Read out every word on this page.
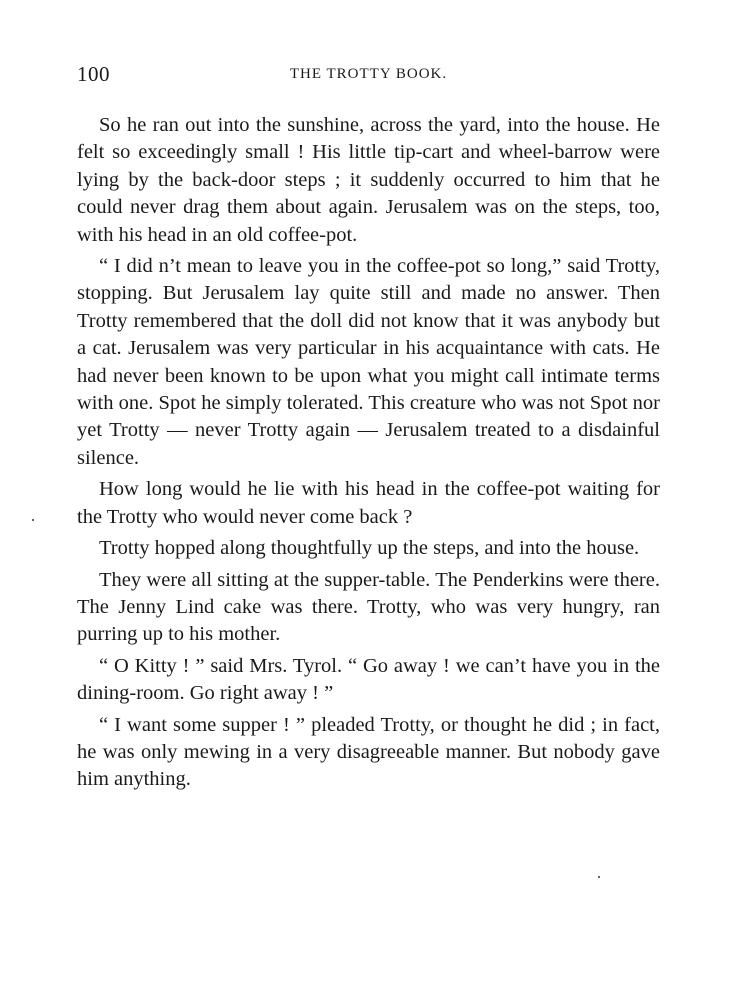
100	THE TROTTY BOOK.

So he ran out into the sunshine, across the yard, into the house. He felt so exceedingly small ! His little tip-cart and wheel-barrow were lying by the back-door steps ; it suddenly occurred to him that he could never drag them about again. Jerusalem was on the steps, too, with his head in an old coffee-pot.

“ I did n’t mean to leave you in the coffee-pot so long,” said Trotty, stopping. But Jerusalem lay quite still and made no answer. Then Trotty remembered that the doll did not know that it was anybody but a cat. Jerusalem was very particular in his acquaintance with cats. He had never been known to be upon what you might call intimate terms with one. Spot he simply tolerated. This creature who was not Spot nor yet Trotty — never Trotty again — Jerusalem treated to a disdainful silence.

How long would he lie with his head in the coffee-pot waiting for the Trotty who would never come back ?

Trotty hopped along thoughtfully up the steps, and into the house.

They were all sitting at the supper-table. The Penderkins were there. The Jenny Lind cake was there. Trotty, who was very hungry, ran purring up to his mother.

“ O Kitty ! ” said Mrs. Tyrol. “ Go away ! we can’t have you in the dining-room. Go right away ! ”

“ I want some supper ! ” pleaded Trotty, or thought he did ; in fact, he was only mewing in a very disagreeable manner. But nobody gave him anything.
